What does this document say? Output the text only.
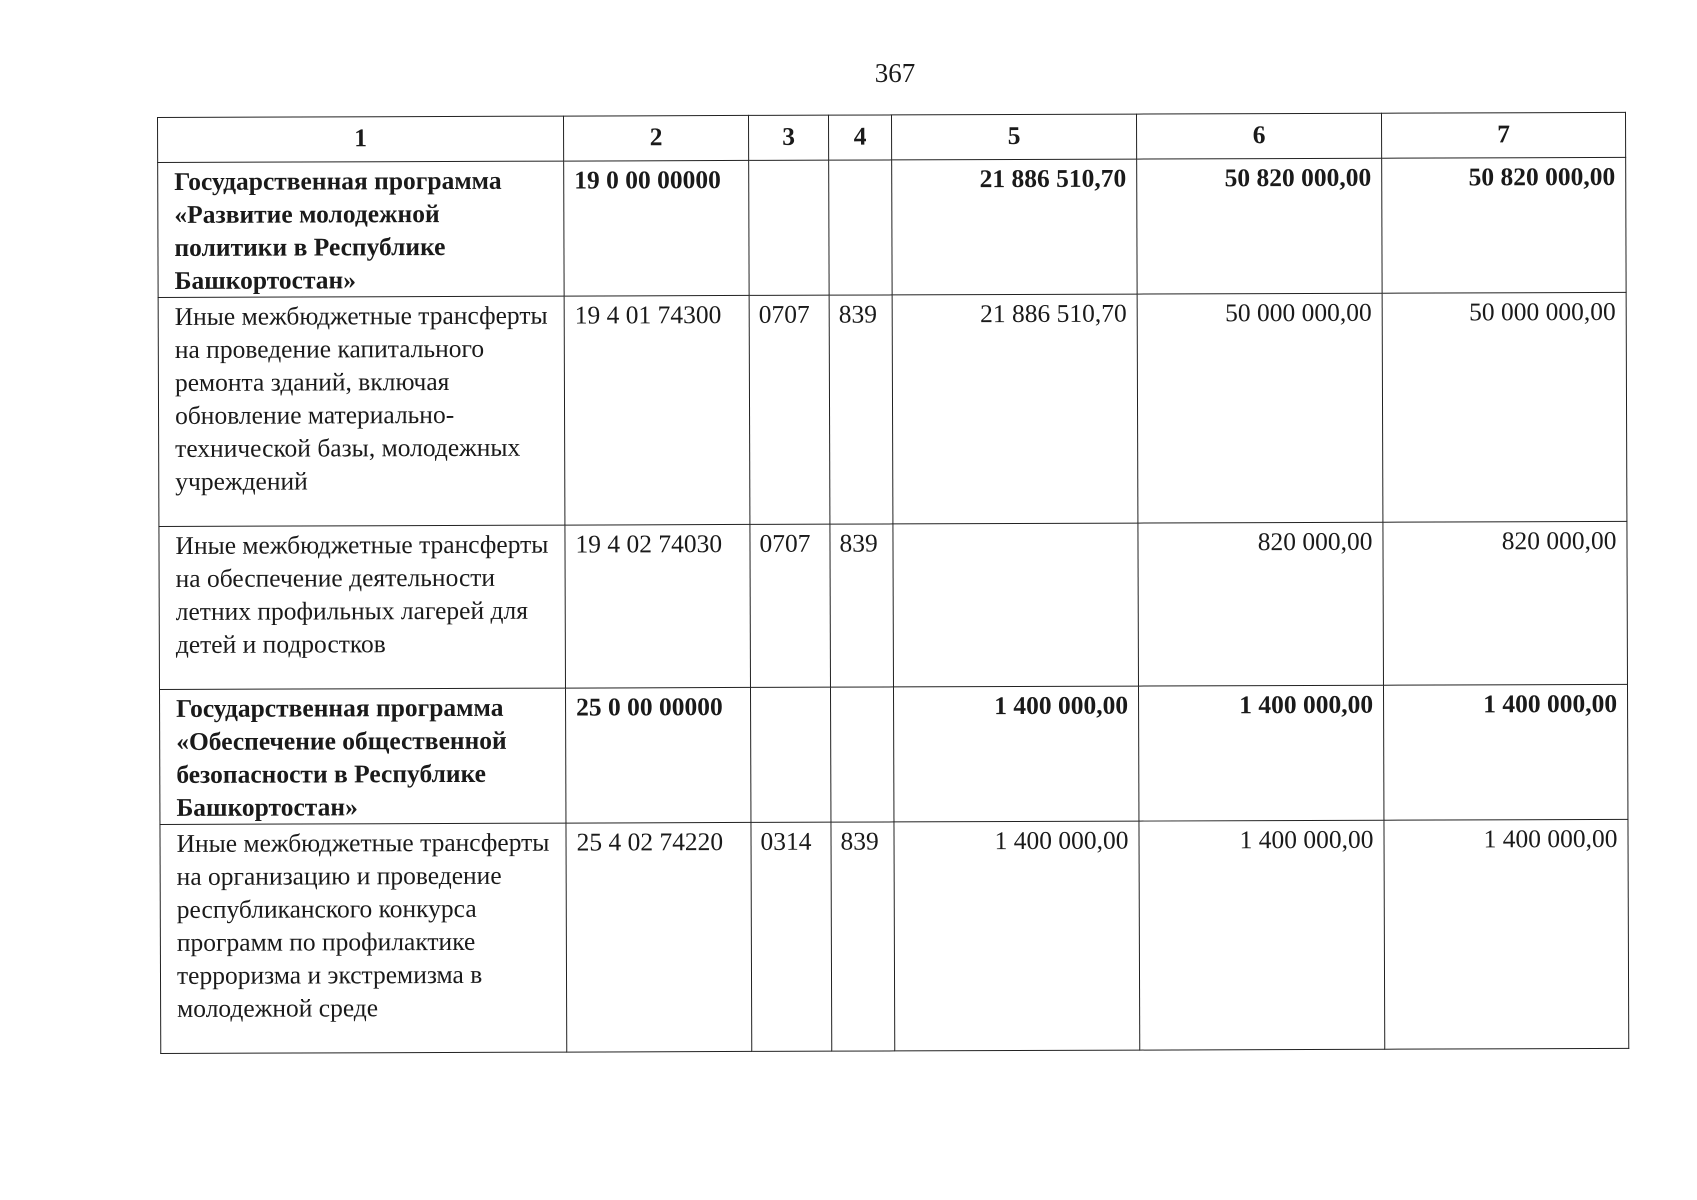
367
1	2	3	4	5	6	7
Государственная программа «Развитие молодежной политики в Республике Башкортостан»	19 0 00 00000			21 886 510,70	50 820 000,00	50 820 000,00
Иные межбюджетные трансферты на проведение капитального ремонта зданий, включая обновление материально-технической базы, молодежных учреждений	19 4 01 74300	0707	839	21 886 510,70	50 000 000,00	50 000 000,00
Иные межбюджетные трансферты на обеспечение деятельности летних профильных лагерей для детей и подростков	19 4 02 74030	0707	839		820 000,00	820 000,00
Государственная программа «Обеспечение общественной безопасности в Республике Башкортостан»	25 0 00 00000			1 400 000,00	1 400 000,00	1 400 000,00
Иные межбюджетные трансферты на организацию и проведение республиканского конкурса программ по профилактике терроризма и экстремизма в молодежной среде	25 4 02 74220	0314	839	1 400 000,00	1 400 000,00	1 400 000,00
